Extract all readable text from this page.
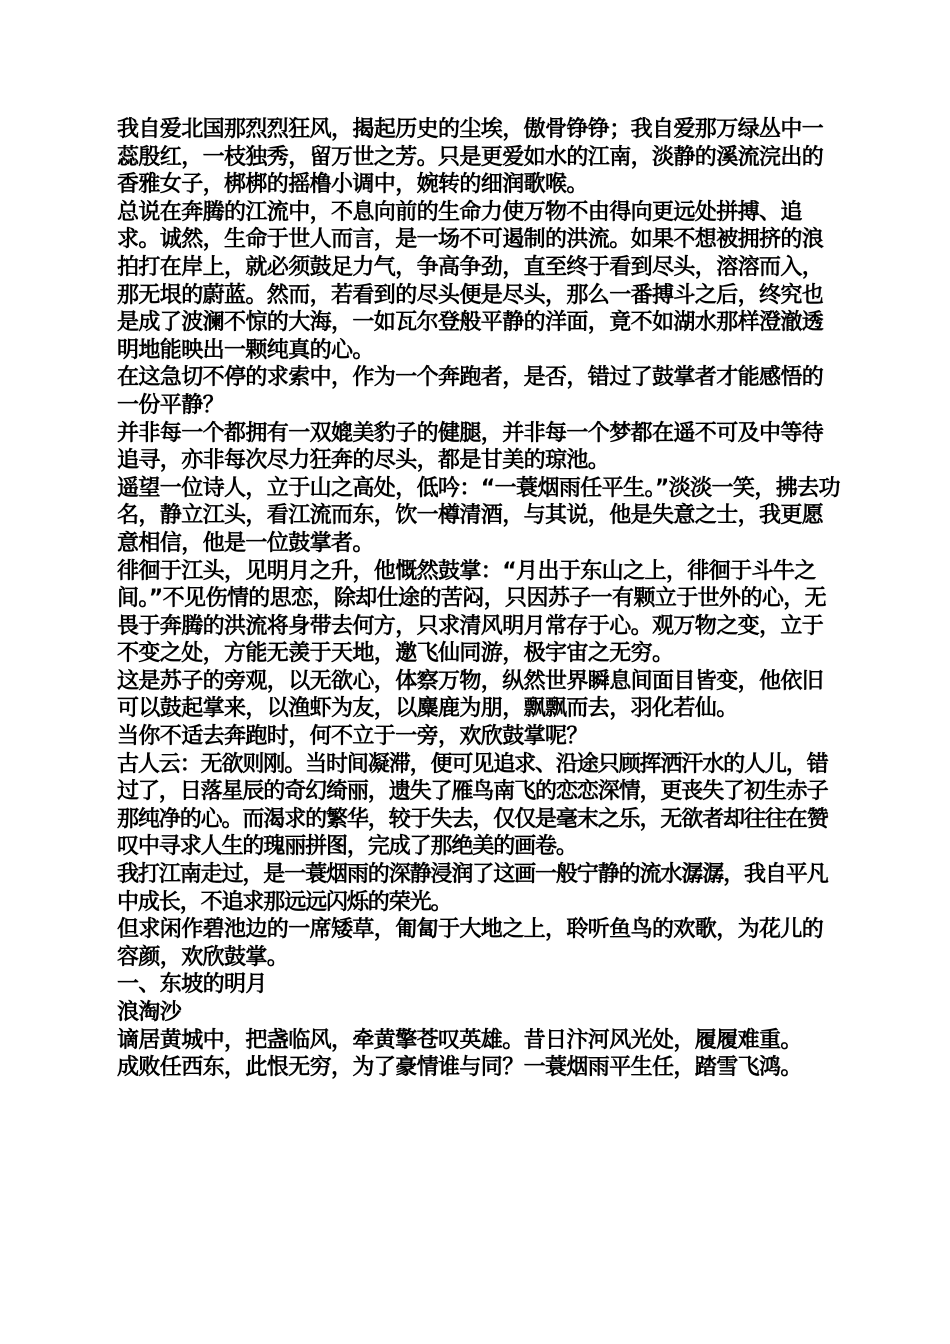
我自爱北国那烈烈狂风，揭起历史的尘埃，傲骨铮铮；我自爱那万绿丛中一蕊殷红，一枝独秀，留万世之芳。只是更爱如水的江南，淡静的溪流浣出的香雅女子，梆梆的摇橹小调中，婉转的细润歌喉。

总说在奔腾的江流中，不息向前的生命力使万物不由得向更远处拼搏、追求。诚然，生命于世人而言，是一场不可遏制的洪流。如果不想被拥挤的浪拍打在岸上，就必须鼓足力气，争高争劲，直至终于看到尽头，溶溶而入，那无垠的蔚蓝。然而，若看到的尽头便是尽头，那么一番搏斗之后，终究也是成了波澜不惊的大海，一如瓦尔登般平静的洋面，竟不如湖水那样澄澈透明地能映出一颗纯真的心。

在这急切不停的求索中，作为一个奔跑者，是否，错过了鼓掌者才能感悟的一份平静？

并非每一个都拥有一双媲美豹子的健腿，并非每一个梦都在遥不可及中等待追寻，亦非每次尽力狂奔的尽头，都是甘美的琼池。

遥望一位诗人，立于山之高处，低吟：“一蓑烟雨任平生。”淡淡一笑，拂去功名，静立江头，看江流而东，饮一樽清酒，与其说，他是失意之士，我更愿意相信，他是一位鼓掌者。

徘徊于江头，见明月之升，他慨然鼓掌：“月出于东山之上，徘徊于斗牛之间。”不见伤情的思恋，除却仕途的苦闷，只因苏子一有颗立于世外的心，无畏于奔腾的洪流将身带去何方，只求清风明月常存于心。观万物之变，立于不变之处，方能无羡于天地，邀飞仙同游，极宇宙之无穷。

这是苏子的旁观，以无欲心，体察万物，纵然世界瞬息间面目皆变，他依旧可以鼓起掌来，以渔虾为友，以麋鹿为朋，飘飘而去，羽化若仙。

当你不适去奔跑时，何不立于一旁，欢欣鼓掌呢？

古人云：无欲则刚。当时间凝滞，便可见追求、沿途只顾挥洒汗水的人儿，错过了，日落星辰的奇幻绮丽，遗失了雁鸟南飞的恋恋深情，更丧失了初生赤子那纯净的心。而渴求的繁华，较于失去，仅仅是毫末之乐，无欲者却往往在赞叹中寻求人生的瑰丽拼图，完成了那绝美的画卷。

我打江南走过，是一蓑烟雨的深静浸润了这画一般宁静的流水潺潺，我自平凡中成长，不追求那远远闪烁的荣光。

但求闲作碧池边的一席矮草，匍匐于大地之上，聆听鱼鸟的欢歌，为花儿的容颜，欢欣鼓掌。

一、东坡的明月

浪淘沙

谪居黄城中，把盏临风，牵黄擎苍叹英雄。昔日汴河风光处，履履难重。

成败任西东，此恨无穷，为了豪情谁与同？一蓑烟雨平生任，踏雪飞鸿。
